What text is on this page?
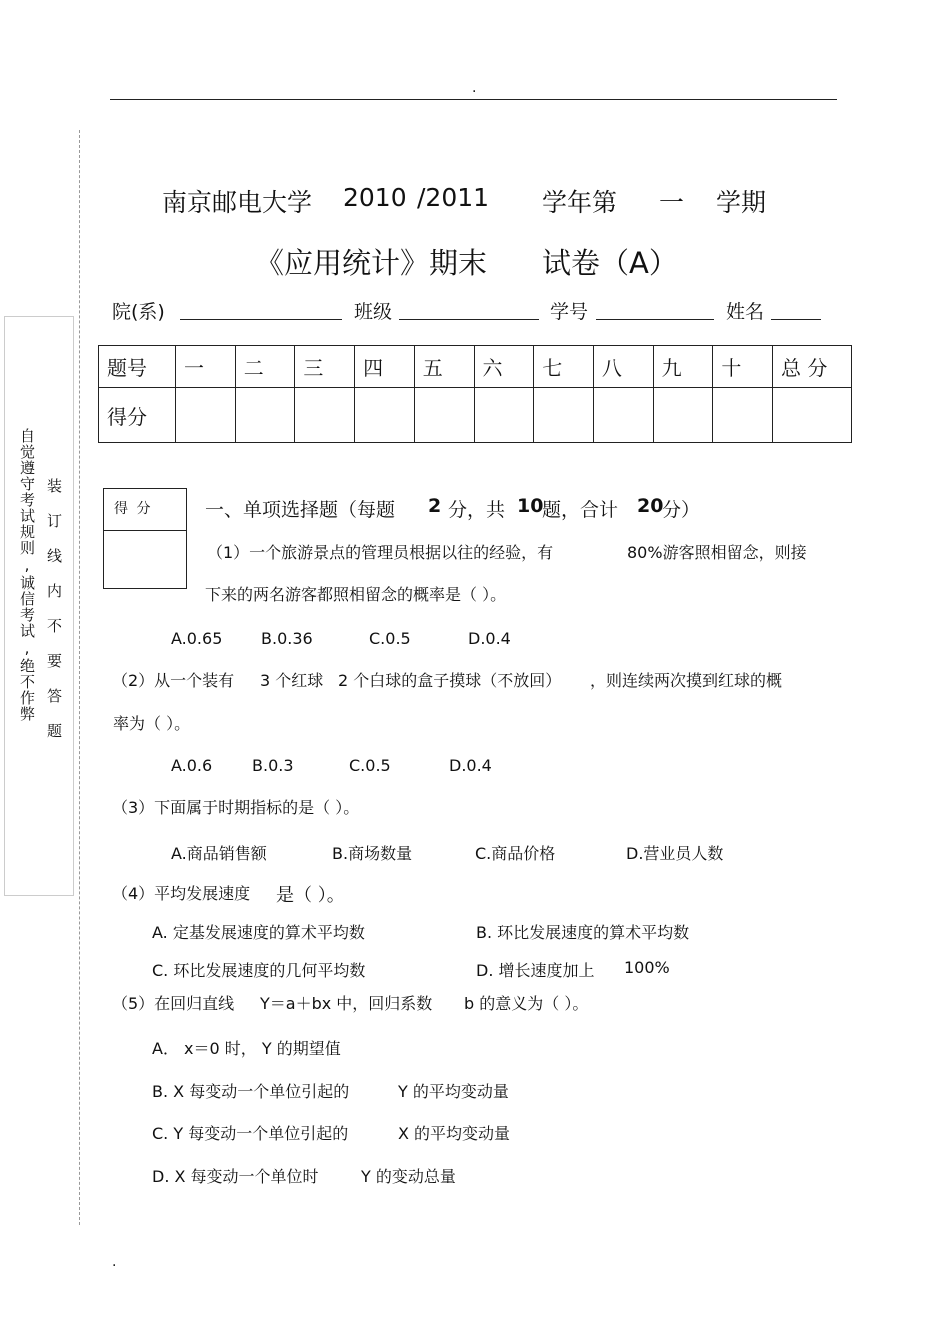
.
自觉遵守考试规则,诚信考试,绝不作弊 装订线内不要答题
南京邮电大学 2010 /2011 学年第 一 学期
《应用统计》期末 试卷（A）
院(系)	班级	学号	姓名
题号	一	二	三	四	五	六	七	八	九	十	总 分
得分											
得 分	一、单项选择题（每题 2 分，共 10
题，合计 20
分）
（1）一个旅游景点的管理员根据以往的经验，有	80%游客照相留念，则接
下来的两名游客都照相留念的概率是（ ）。
A.0.65 B.0.36	C.0.5	D.0.4
（2）从一个装有 3 个红球 2 个白球的盒子摸球（不放回） ，则连续两次摸到红球的概
率为（ ）。
A.0.6 B.0.3	C.0.5	D.0.4
（3）下面属于时期指标的是（ ）。
A.商品销售额	B.商场数量	C.商品价格	D.营业员人数
（4）平均发展速度 是（ ）。
A. 定基发展速度的算术平均数	B. 环比发展速度的算术平均数
C. 环比发展速度的几何平均数	D. 增长速度加上 100%
（5）在回归直线 Y＝a＋bx 中，回归系数 b 的意义为（ ）。
A． x＝0 时， Y 的期望值
B. X 每变动一个单位引起的	Y 的平均变动量
C. Y 每变动一个单位引起的	X 的平均变动量
D. X 每变动一个单位时	Y 的变动总量
.
